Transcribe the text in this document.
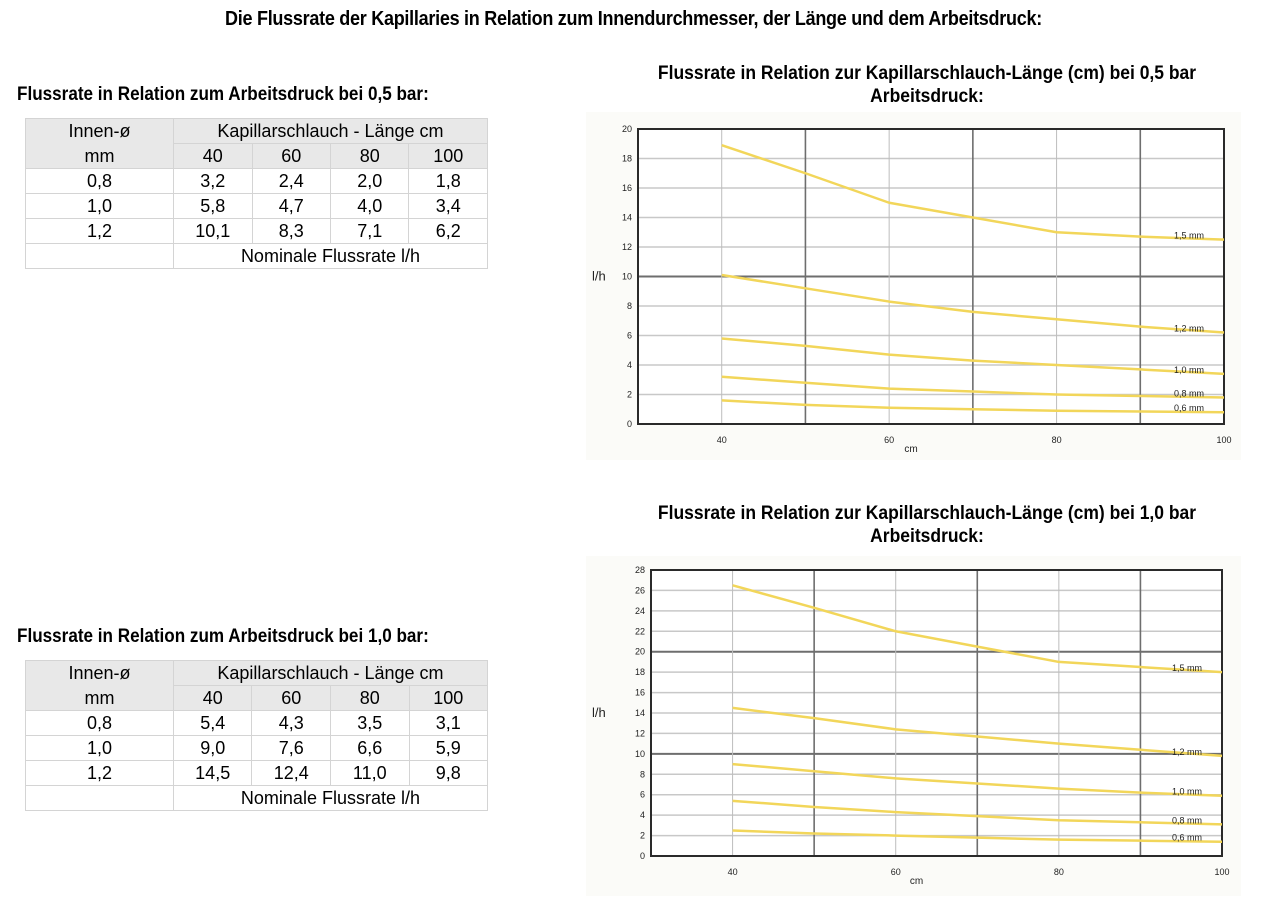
Die Flussrate der Kapillaries in Relation zum Innendurchmesser, der Länge und dem Arbeitsdruck:
Flussrate in Relation zum Arbeitsdruck bei 0,5 bar:
Innen-ø	Kapillarschlauch - Länge cm			
mm	40	60	80	100
0,8	3,2	2,4	2,0	1,8
1,0	5,8	4,7	4,0	3,4
1,2	10,1	8,3	7,1	6,2
	Nominale Flussrate l/h			
Flussrate in Relation zum Arbeitsdruck bei 1,0 bar:
Innen-ø	Kapillarschlauch - Länge cm			
mm	40	60	80	100
0,8	5,4	4,3	3,5	3,1
1,0	9,0	7,6	6,6	5,9
1,2	14,5	12,4	11,0	9,8
	Nominale Flussrate l/h			
Flussrate in Relation zur Kapillarschlauch-Länge (cm) bei 0,5 bar Arbeitsdruck:
0
2
4
6
8
10
12
14
16
18
20
40	60	80	100
cm
l/h
1,5 mm
1,2 mm
1,0 mm
0,8 mm
0,6 mm
Flussrate in Relation zur Kapillarschlauch-Länge (cm) bei 1,0 bar Arbeitsdruck:
0
2
4
6
8
10
12
14
16
18
20
22
24
26
28
40	60	80	100
cm
l/h
1,5 mm
1,2 mm
1,0 mm
0,8 mm
0,6 mm
